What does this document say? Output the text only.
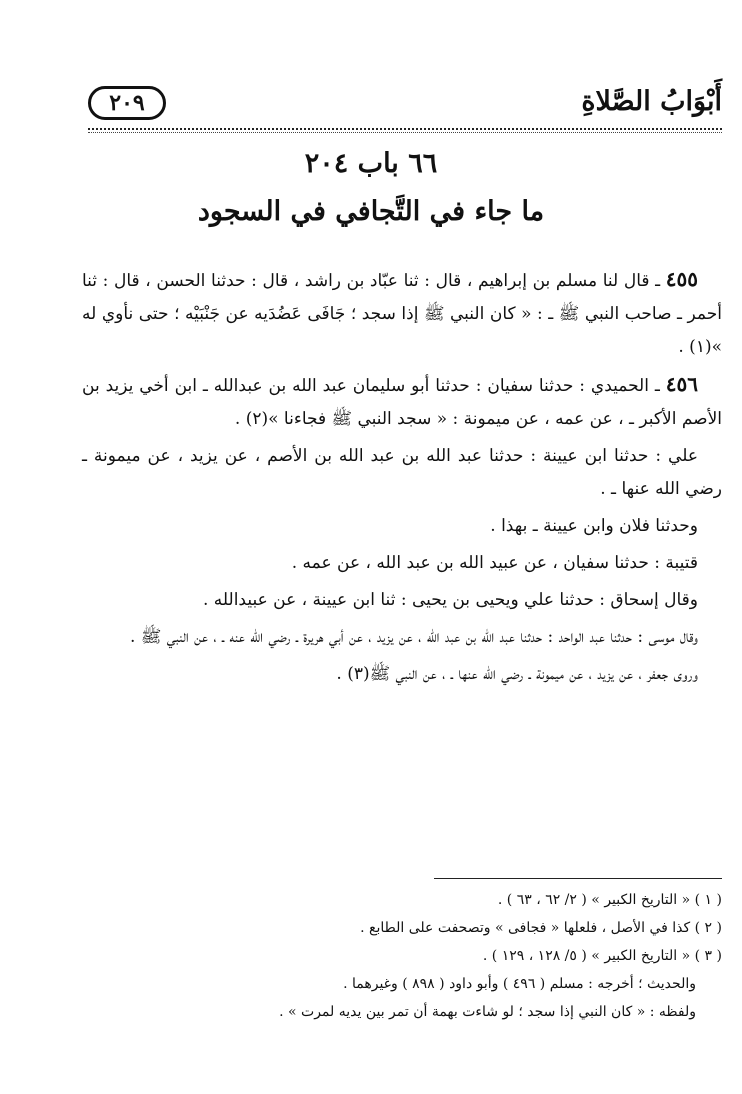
أَبْوَابُ الصَّلاةِ
٢٠٩
٦٦ باب ٢٠٤
ما جاء في التَّجافي في السجود

٤٥٥ ـ قال لنا مسلم بن إبراهيم ، قال : ثنا عبّاد بن راشد ، قال : حدثنا الحسن ، قال : ثنا أحمر ـ صاحب النبي ﷺ ـ : « كان النبي ﷺ إذا سجد ؛ جَافَى عَضُدَيه عن جَنْبَيْه ؛ حتى نأوي له »(١) .

٤٥٦ ـ الحميدي : حدثنا سفيان : حدثنا أبو سليمان عبد الله بن عبدالله ـ ابن أخي يزيد بن الأصم الأكبر ـ ، عن عمه ، عن ميمونة : « سجد النبي ﷺ فجاءنا »(٢) .

علي : حدثنا ابن عيينة : حدثنا عبد الله بن عبد الله بن الأصم ، عن يزيد ، عن ميمونة ـ رضي الله عنها ـ .

وحدثنا فلان وابن عيينة ـ بهذا .

قتيبة : حدثنا سفيان ، عن عبيد الله بن عبد الله ، عن عمه .

وقال إسحاق : حدثنا علي ويحيى بن يحيى : ثنا ابن عيينة ، عن عبيدالله .

وقال موسى : حدثنا عبد الواحد : حدثنا عبد الله بن عبد الله ، عن يزيد ، عن أبي هريرة ـ رضي الله عنه ـ ، عن النبي ﷺ .

وروى جعفر ، عن يزيد ، عن ميمونة ـ رضي الله عنها ـ ، عن النبي ﷺ(٣) .

( ١ ) « التاريخ الكبير » ( ٢/ ٦٢ ، ٦٣ ) .

( ٢ ) كذا في الأصل ، فلعلها « فجافى » وتصحفت على الطابع .

( ٣ ) « التاريخ الكبير » ( ٥/ ١٢٨ ، ١٢٩ ) .

والحديث ؛ أخرجه : مسلم ( ٤٩٦ ) وأبو داود ( ٨٩٨ ) وغيرهما .

ولفظه : « كان النبي إذا سجد ؛ لو شاءت بهمة أن تمر بين يديه لمرت » .
